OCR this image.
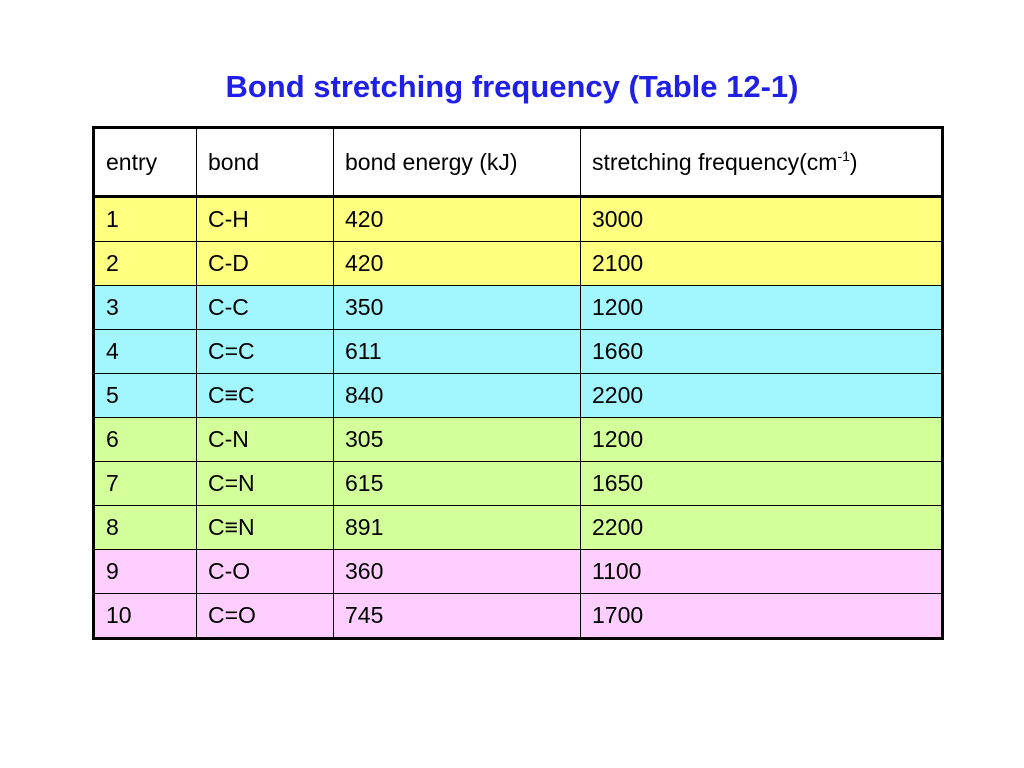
Bond stretching frequency (Table 12-1)
entry	bond	bond energy (kJ)	stretching $frequency(cm^{-1})$
1	C-H	420	3000
2	C-D	420	2100
3	C-C	350	1200
4	C=C	611	1660
5	C≡C	840	2200
6	C-N	305	1200
7	C=N	615	1650
8	C≡N	891	2200
9	C-O	360	1100
10	C=O	745	1700
